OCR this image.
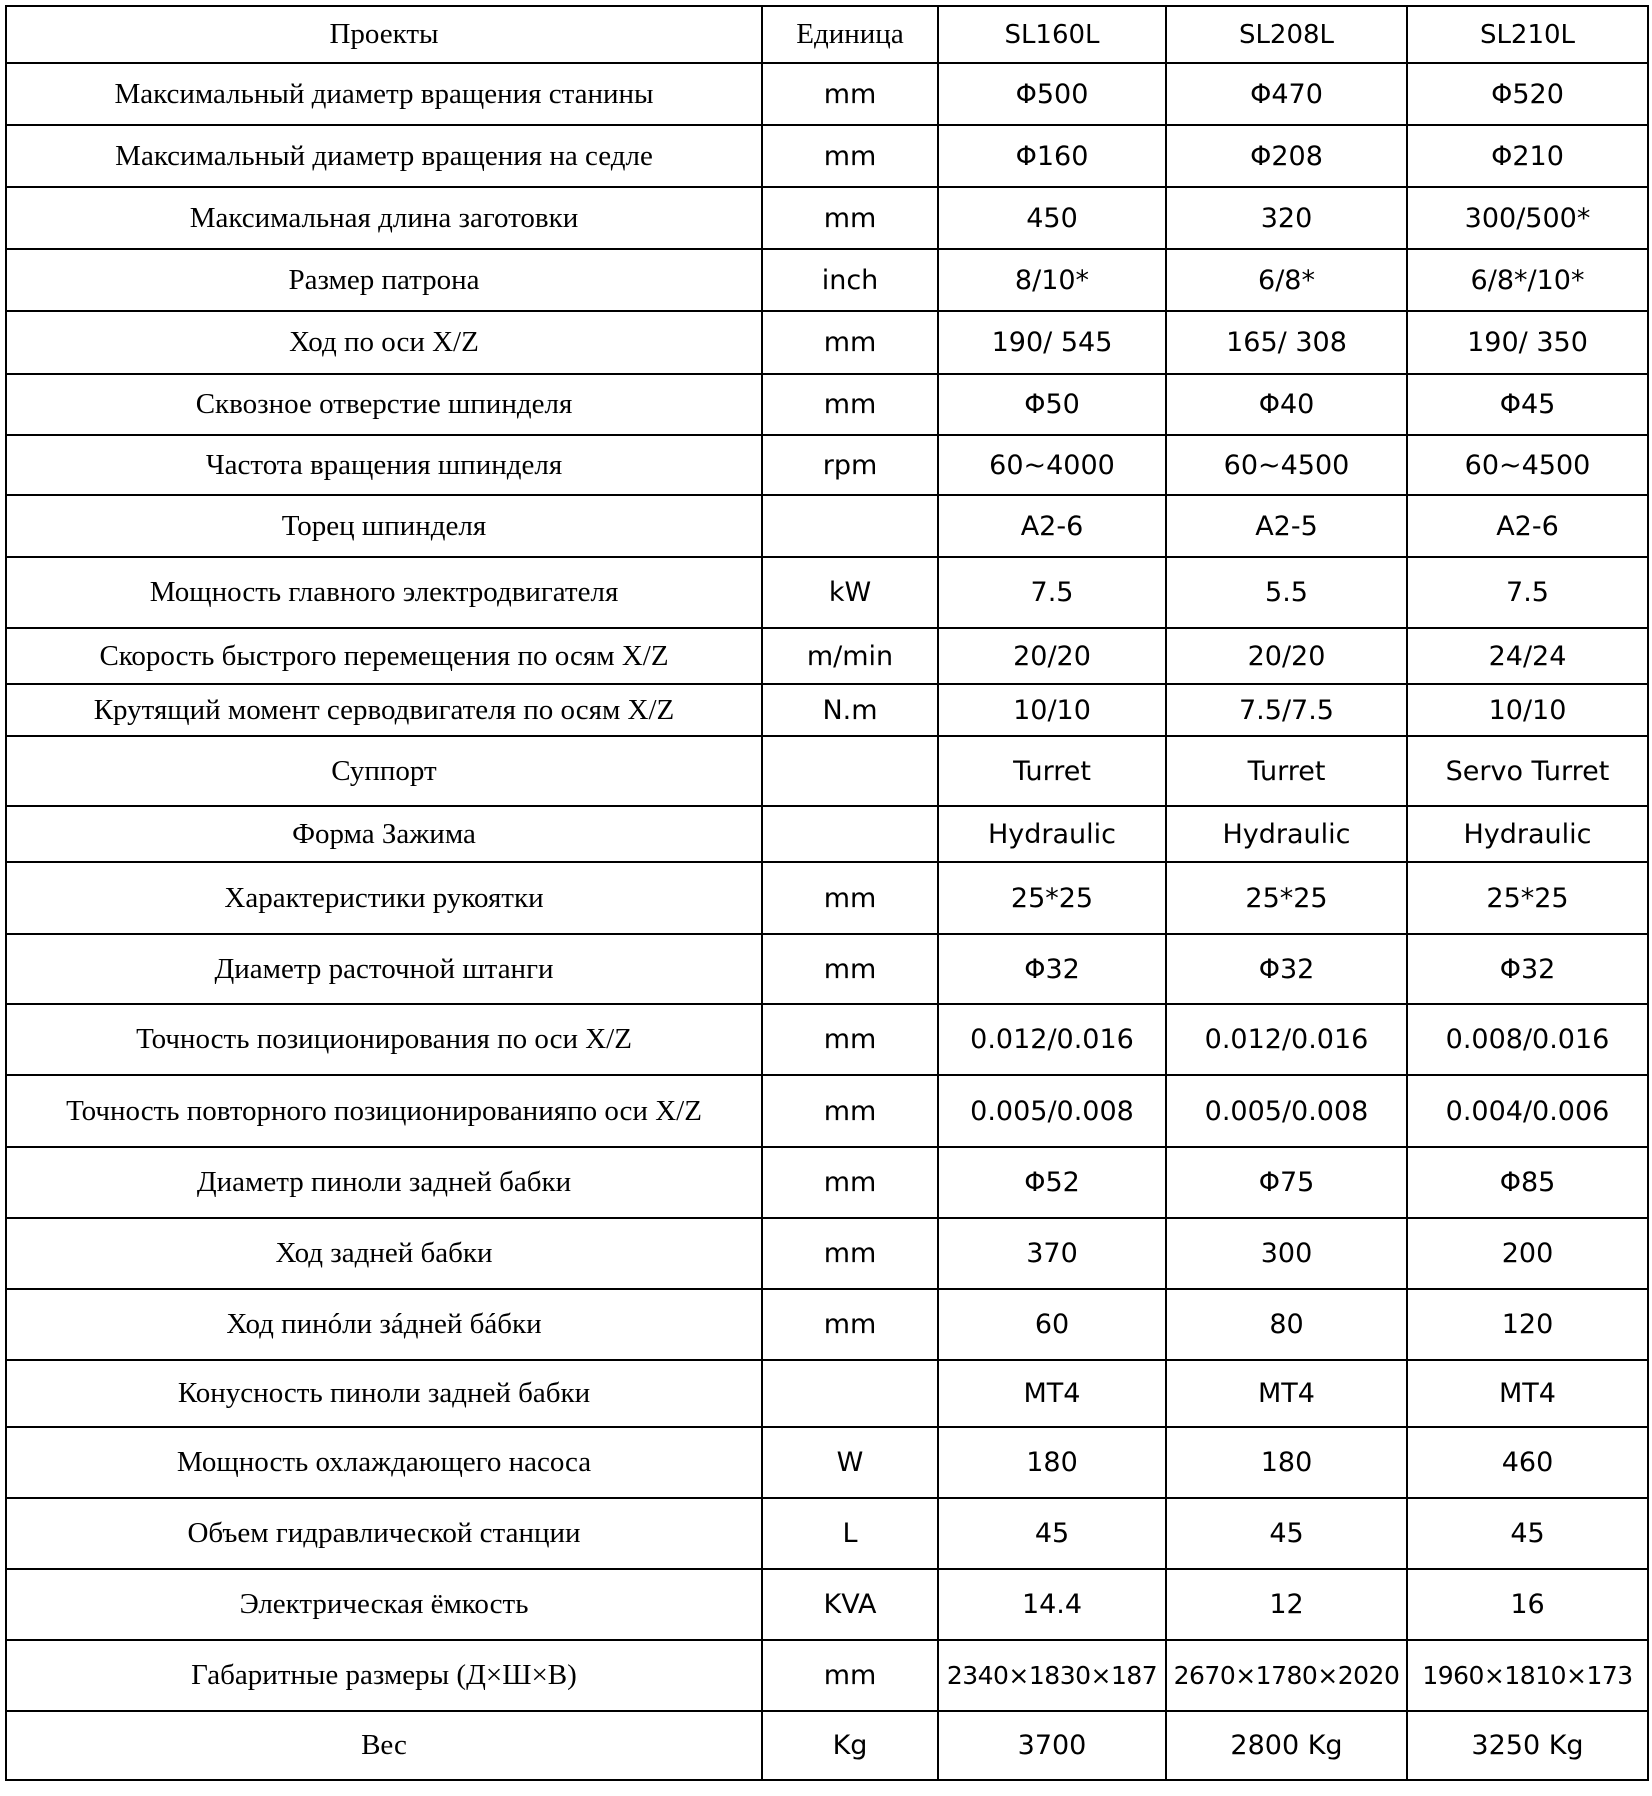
Проекты	Единица	SL160L	SL208L	SL210L
Максимальный диаметр вращения станины	mm	Φ500	Φ470	Φ520
Максимальный диаметр вращения на седле	mm	Φ160	Φ208	Φ210
Максимальная длина заготовки	mm	450	320	300/500*
Размер патрона	inch	8/10*	6/8*	6/8*/10*
Ход по оси X/Z	mm	190/ 545	165/ 308	190/ 350
Сквозное отверстие шпинделя	mm	Φ50	Φ40	Φ45
Частота вращения шпинделя	rpm	60~4000	60~4500	60~4500
Торец шпинделя		A2-6	A2-5	A2-6
Мощность главного электродвигателя	kW	7.5	5.5	7.5
Скорость быстрого перемещения по осям X/Z	m/min	20/20	20/20	24/24
Крутящий момент серводвигателя по осям X/Z	N.m	10/10	7.5/7.5	10/10
Суппорт		Turret	Turret	Servo Turret
Форма Зажима		Hydraulic	Hydraulic	Hydraulic
Характеристики рукоятки	mm	25*25	25*25	25*25
Диаметр расточной штанги	mm	Φ32	Φ32	Φ32
Точность позиционирования по оси X/Z	mm	0.012/0.016	0.012/0.016	0.008/0.016
Точность повторного позиционированияпо оси X/Z	mm	0.005/0.008	0.005/0.008	0.004/0.006
Диаметр пиноли задней бабки	mm	Φ52	Φ75	Φ85
Ход задней бабки	mm	370	300	200
Ход пинóли зáдней бáбки	mm	60	80	120
Конусность пиноли задней бабки		MT4	MT4	MT4
Мощность охлаждающего насоса	W	180	180	460
Объем гидравлической станции	L	45	45	45
Электрическая ёмкость	KVA	14.4	12	16
Габаритные размеры (Д×Ш×В)	mm	2340×1830×187	2670×1780×2020	1960×1810×173
Вес	Kg	3700	2800 Kg	3250 Kg
